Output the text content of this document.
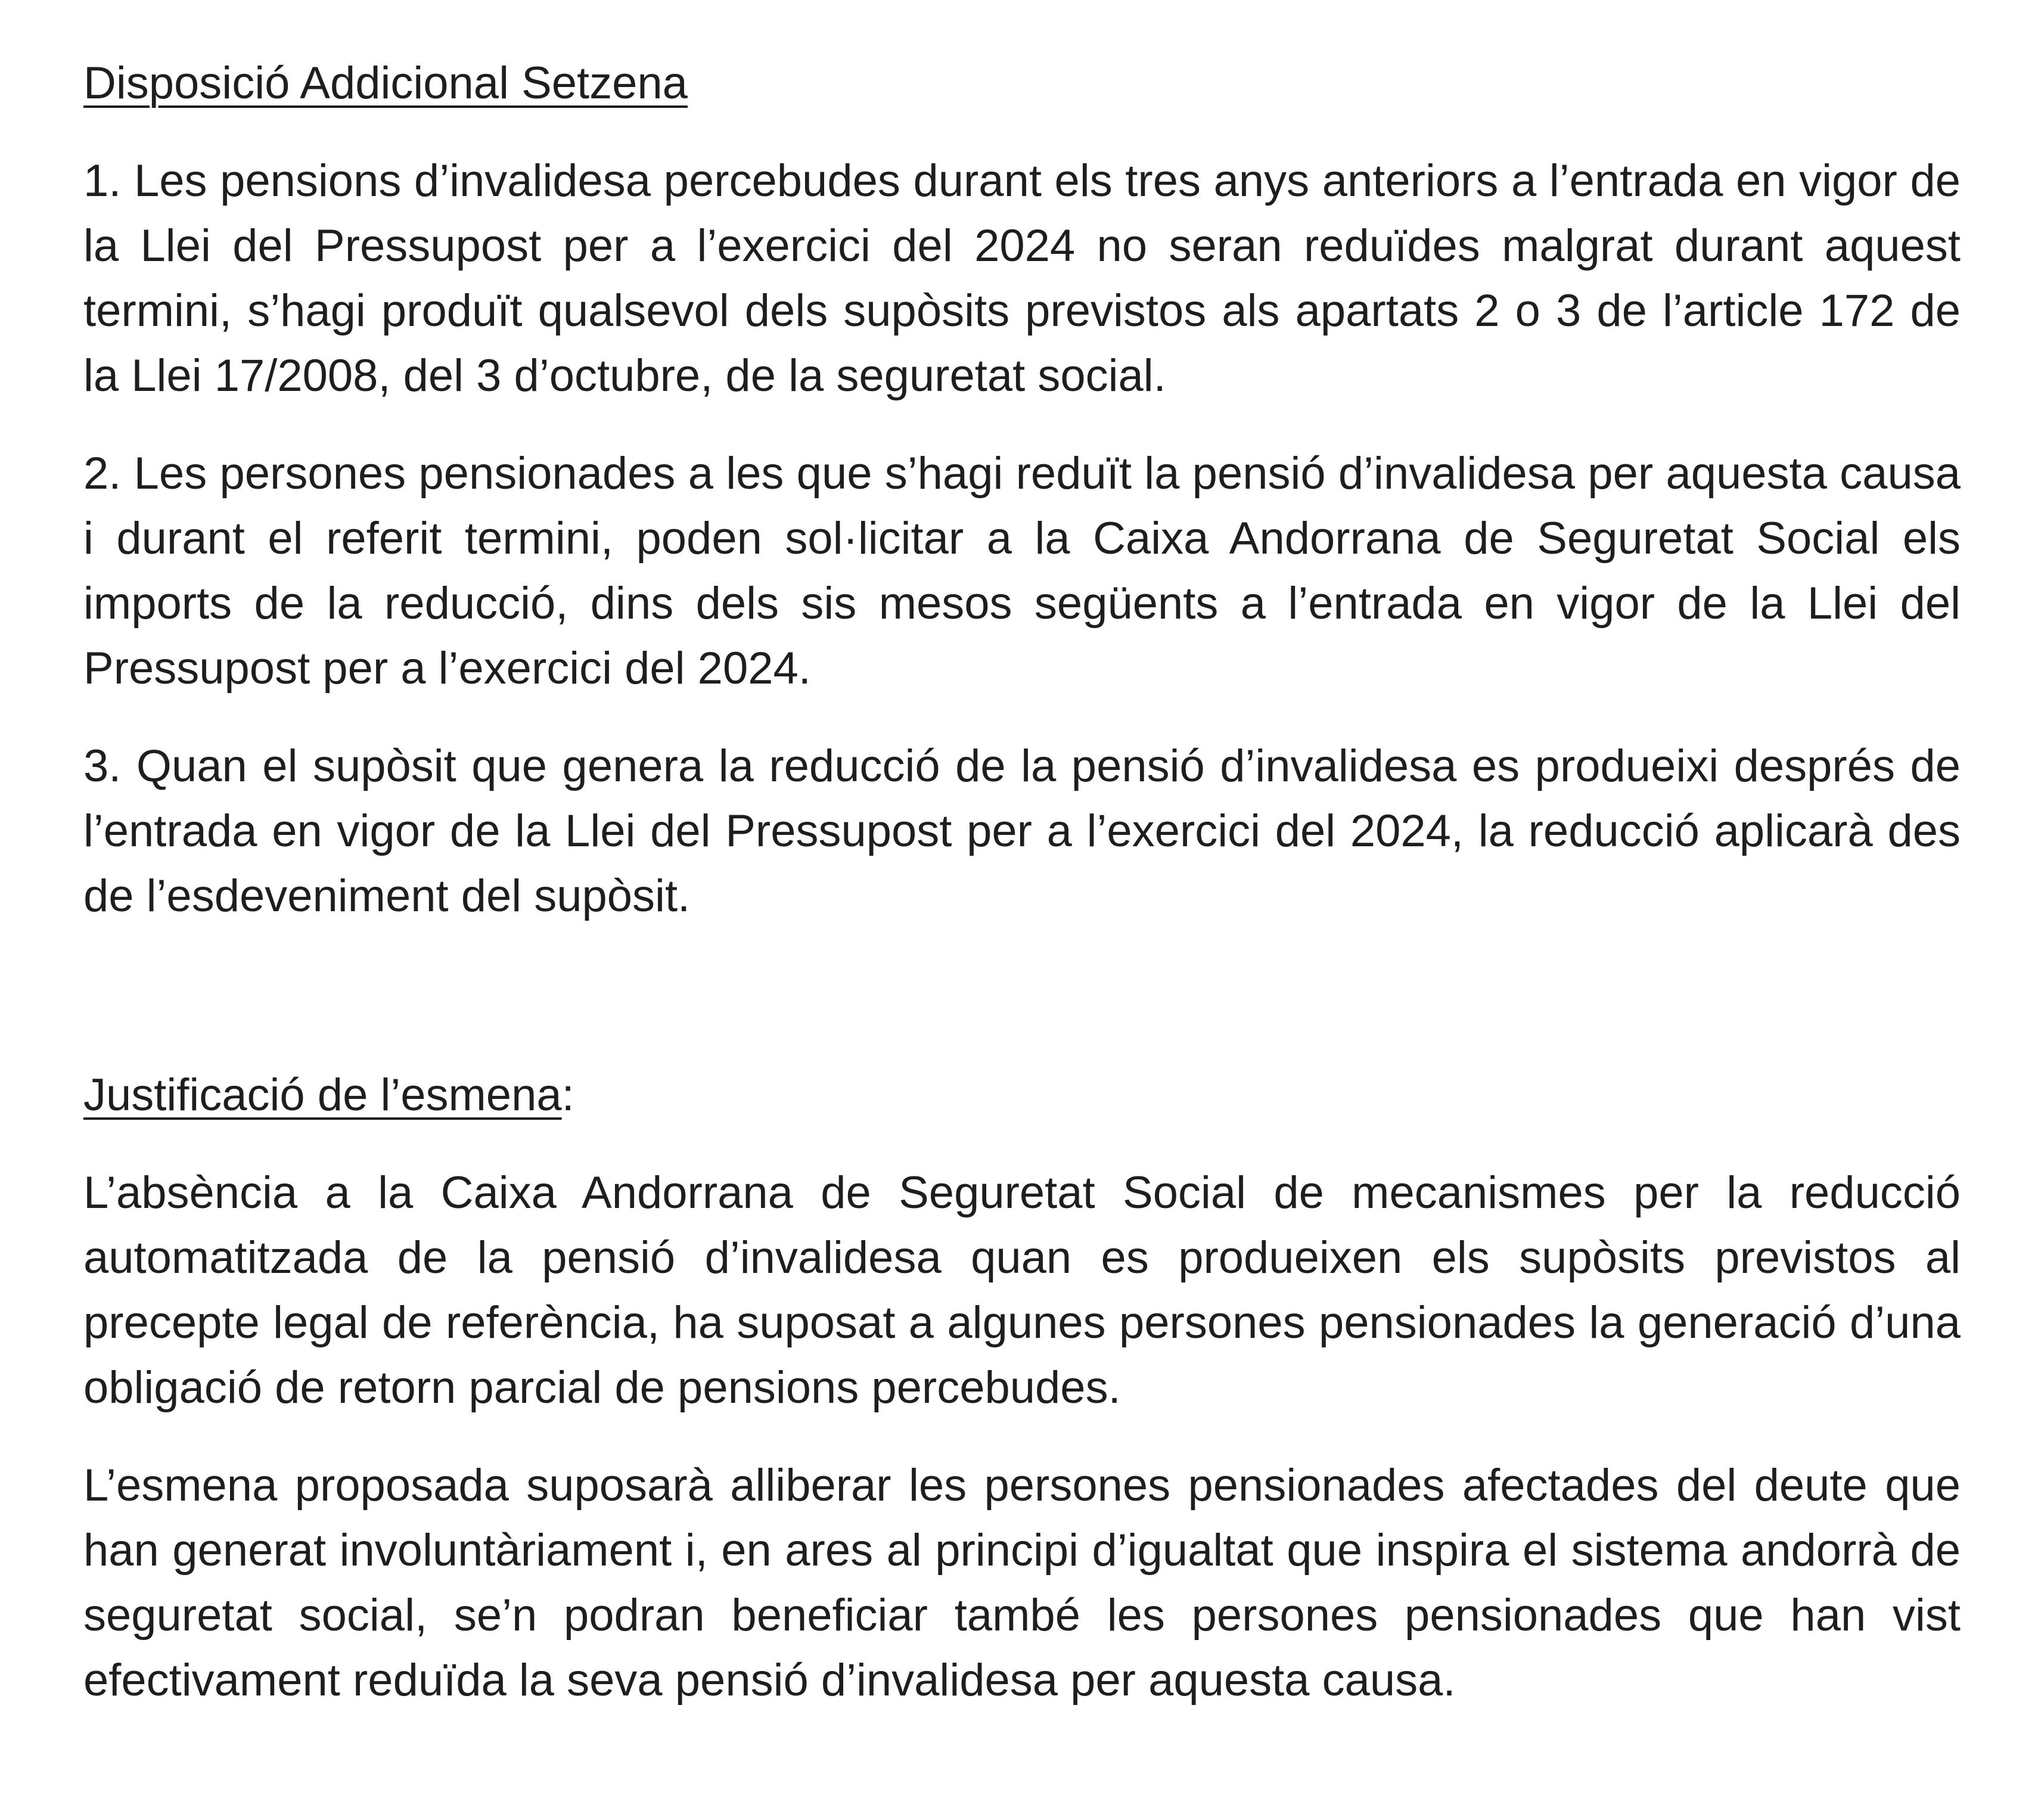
Disposició Addicional Setzena

1. Les pensions d’invalidesa percebudes durant els tres anys anteriors a l’entrada en vigor de la Llei del Pressupost per a l’exercici del 2024 no seran reduïdes malgrat durant aquest termini, s’hagi produït qualsevol dels supòsits previstos als apartats 2 o 3 de l’article 172 de la Llei 17/2008, del 3 d’octubre, de la seguretat social.

2. Les persones pensionades a les que s’hagi reduït la pensió d’invalidesa per aquesta causa i durant el referit termini, poden sol·licitar a la Caixa Andorrana de Seguretat Social els imports de la reducció, dins dels sis mesos següents a l’entrada en vigor de la Llei del Pressupost per a l’exercici del 2024.

3. Quan el supòsit que genera la reducció de la pensió d’invalidesa es produeixi després de l’entrada en vigor de la Llei del Pressupost per a l’exercici del 2024, la reducció aplicarà des de l’esdeveniment del supòsit.

Justificació de l’esmena:

L’absència a la Caixa Andorrana de Seguretat Social de mecanismes per la reducció automatitzada de la pensió d’invalidesa quan es produeixen els supòsits previstos al precepte legal de referència, ha suposat a algunes persones pensionades la generació d’una obligació de retorn parcial de pensions percebudes.

L’esmena proposada suposarà alliberar les persones pensionades afectades del deute que han generat involuntàriament i, en ares al principi d’igualtat que inspira el sistema andorrà de seguretat social, se’n podran beneficiar també les persones pensionades que han vist efectivament reduïda la seva pensió d’invalidesa per aquesta causa.
